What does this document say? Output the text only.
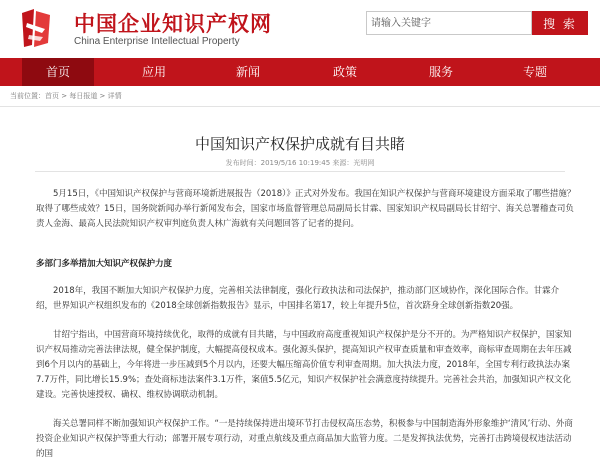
中国企业知识产权网
China Enterprise Intellectual Property
请输入关键字
搜 索
首页	应用	新闻	政策	服务	专题
当前位置：首页 > 每日报道 > 详情
中国知识产权保护成就有目共睹
发布时间：2019/5/16 10:19:45 来源：光明网

5月15日，《中国知识产权保护与营商环境新进展报告（2018）》正式对外发布。我国在知识产权保护与营商环境建设方面采取了哪些措施？取得了哪些成效？15日，国务院新闻办举行新闻发布会，国家市场监督管理总局副局长甘霖、国家知识产权局副局长甘绍宁、海关总署稽查司负责人金海、最高人民法院知识产权审判庭负责人林广海就有关问题回答了记者的提问。

多部门多举措加大知识产权保护力度

2018年，我国不断加大知识产权保护力度，完善相关法律制度，强化行政执法和司法保护，推动部门区域协作，深化国际合作。甘霖介绍，世界知识产权组织发布的《2018全球创新指数报告》显示，中国排名第17，较上年提升5位，首次跻身全球创新指数20强。

甘绍宁指出，中国营商环境持续优化，取得的成就有目共睹，与中国政府高度重视知识产权保护是分不开的。为严格知识产权保护，国家知识产权局推动完善法律法规，健全保护制度，大幅提高侵权成本。强化源头保护，提高知识产权审查质量和审查效率，商标审查周期在去年压减到6个月以内的基础上，今年将进一步压减到5个月以内，还要大幅压缩高价值专利审查周期。加大执法力度，2018年，全国专利行政执法办案7.7万件，同比增长15.9%；查处商标违法案件3.1万件，案值5.5亿元，知识产权保护社会满意度持续提升。完善社会共治，加强知识产权文化建设。完善快速授权、确权、维权协调联动机制。

海关总署同样不断加强知识产权保护工作。“一是持续保持进出境环节打击侵权高压态势，积极参与中国制造海外形象维护‘清风’行动、外商投资企业知识产权保护等重大行动；部署开展专项行动，对重点航线及重点商品加大监管力度。二是发挥执法优势，完善打击跨境侵权违法活动的国
